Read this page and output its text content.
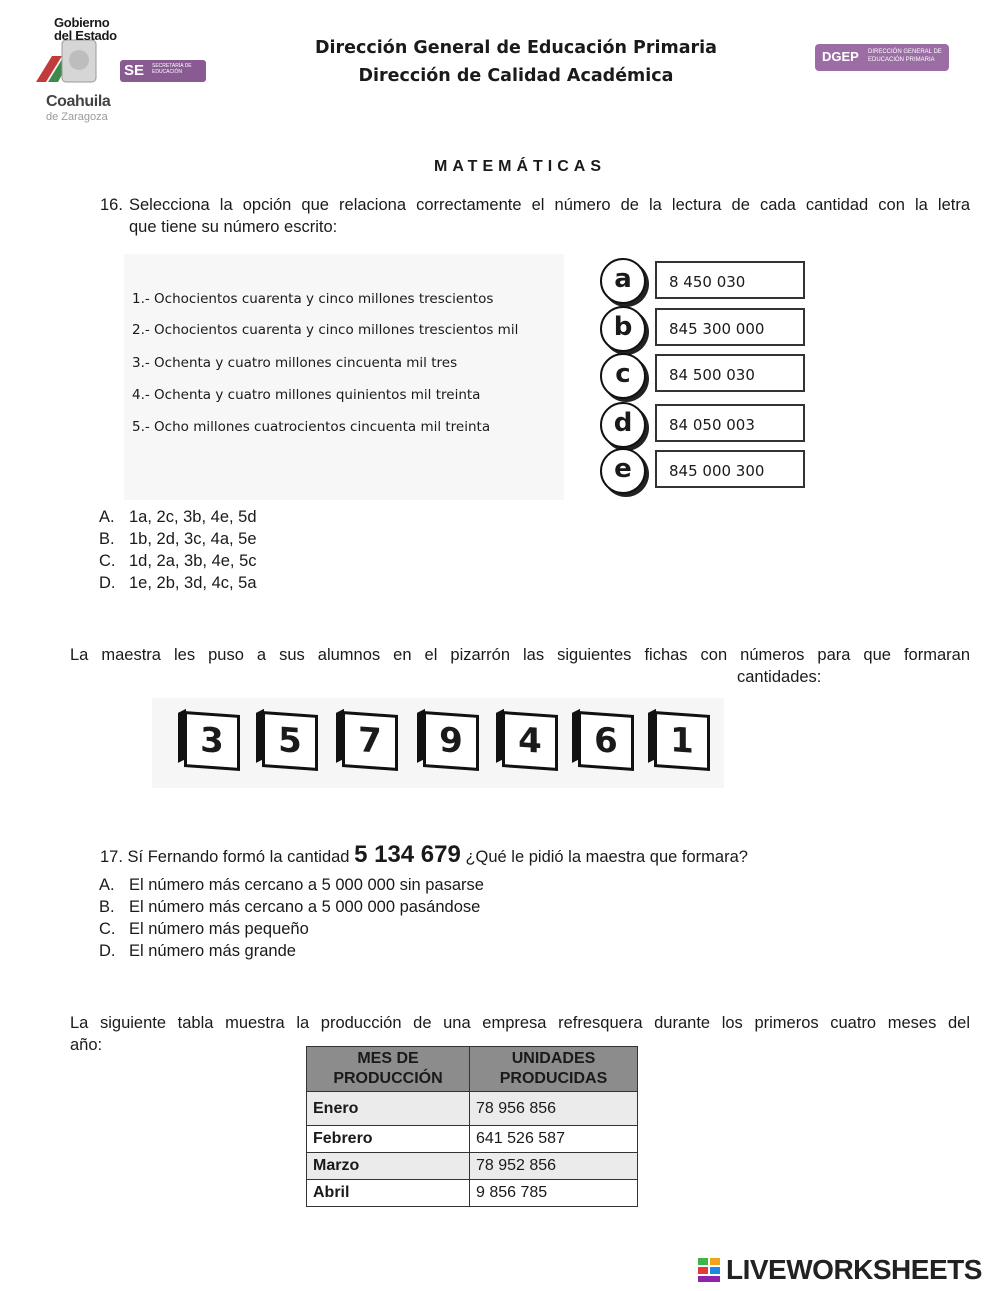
Gobierno
del Estado
Coahuila
de Zaragoza
SE SECRETARÍA DE EDUCACIÓN
Dirección General de Educación Primaria
Dirección de Calidad Académica
DGEP DIRECCIÓN GENERAL DE EDUCACIÓN PRIMARIA
MATEMÁTICAS
16. Selecciona la opción que relaciona correctamente el número de la lectura de cada cantidad con la letra
que tiene su número escrito:
1.- Ochocientos cuarenta y cinco millones trescientos
2.- Ochocientos cuarenta y cinco millones trescientos mil
3.- Ochenta y cuatro millones cincuenta mil tres
4.- Ochenta y cuatro millones quinientos mil treinta
5.- Ocho millones cuatrocientos cincuenta mil treinta
a	8 450 030
b	845 300 000
c	84 500 030
d	84 050 003
e	845 000 300
A. 1a, 2c, 3b, 4e, 5d
B. 1b, 2d, 3c, 4a, 5e
C. 1d, 2a, 3b, 4e, 5c
D. 1e, 2b, 3d, 4c, 5a
La maestra les puso a sus alumnos en el pizarrón las siguientes fichas con números para que formaran
cantidades:
3	5	7	9	4	6	1
17. Sí Fernando formó la cantidad 5 134 679 ¿Qué le pidió la maestra que formara?
A. El número más cercano a 5 000 000 sin pasarse
B. El número más cercano a 5 000 000 pasándose
C. El número más pequeño
D. El número más grande
La siguiente tabla muestra la producción de una empresa refresquera durante los primeros cuatro meses del
año:
MES DE
PRODUCCIÓN	UNIDADES
PRODUCIDAS
Enero	78 956 856
Febrero	641 526 587
Marzo	78 952 856
Abril	9 856 785
LIVEWORKSHEETS
